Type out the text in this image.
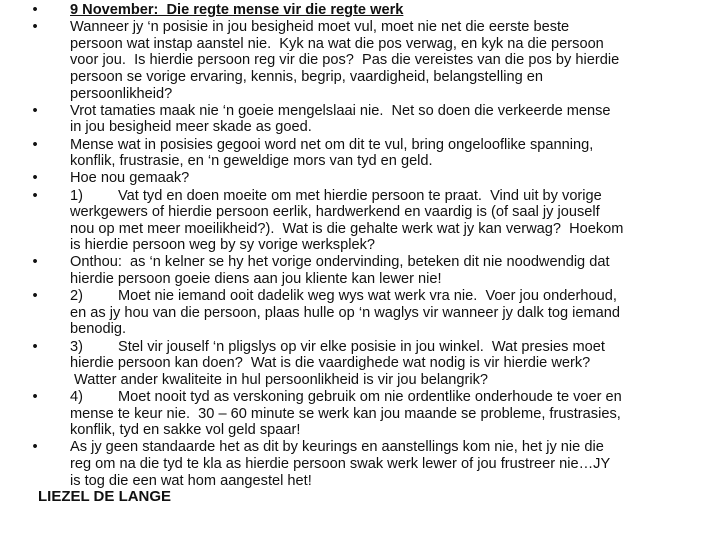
• 9 November:  Die regte mense vir die regte werk
• Wanneer jy ‘n posisie in jou besigheid moet vul, moet nie net die eerste beste
persoon wat instap aanstel nie.  Kyk na wat die pos verwag, en kyk na die persoon
voor jou.  Is hierdie persoon reg vir die pos?  Pas die vereistes van die pos by hierdie
persoon se vorige ervaring, kennis, begrip, vaardigheid, belangstelling en
persoonlikheid?
• Vrot tamaties maak nie ‘n goeie mengelslaai nie.  Net so doen die verkeerde mense
in jou besigheid meer skade as goed.
• Mense wat in posisies gegooi word net om dit te vul, bring ongelooflike spanning,
konflik, frustrasie, en ‘n geweldige mors van tyd en geld.
• Hoe nou gemaak?
• 1) Vat tyd en doen moeite om met hierdie persoon te praat.  Vind uit by vorige
werkgewers of hierdie persoon eerlik, hardwerkend en vaardig is (of saal jy jouself
nou op met meer moeilikheid?).  Wat is die gehalte werk wat jy kan verwag?  Hoekom
is hierdie persoon weg by sy vorige werksplek?
• Onthou:  as ‘n kelner se hy het vorige ondervinding, beteken dit nie noodwendig dat
hierdie persoon goeie diens aan jou kliente kan lewer nie!
• 2) Moet nie iemand ooit dadelik weg wys wat werk vra nie.  Voer jou onderhoud,
en as jy hou van die persoon, plaas hulle op ‘n waglys vir wanneer jy dalk tog iemand
benodig.
• 3) Stel vir jouself ‘n pligslys op vir elke posisie in jou winkel.  Wat presies moet
hierdie persoon kan doen?  Wat is die vaardighede wat nodig is vir hierdie werk?
Watter ander kwaliteite in hul persoonlikheid is vir jou belangrik?
• 4) Moet nooit tyd as verskoning gebruik om nie ordentlike onderhoude te voer en
mense te keur nie.  30 – 60 minute se werk kan jou maande se probleme, frustrasies,
konflik, tyd en sakke vol geld spaar!
• As jy geen standaarde het as dit by keurings en aanstellings kom nie, het jy nie die
reg om na die tyd te kla as hierdie persoon swak werk lewer of jou frustreer nie…JY
is tog die een wat hom aangestel het!
LIEZEL DE LANGE
